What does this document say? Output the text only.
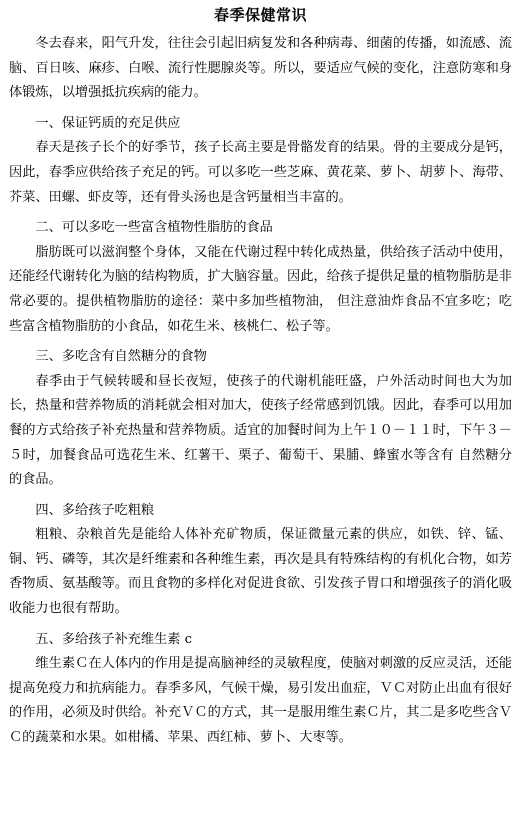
春季保健常识

冬去春来，阳气升发，往往会引起旧病复发和各种病毒、细菌的传播，如流感、流脑、百日咳、麻疹、白喉、流行性腮腺炎等。所以，要适应气候的变化，注意防寒和身体锻炼，以增强抵抗疾病的能力。

一、保证钙质的充足供应

春天是孩子长个的好季节，孩子长高主要是骨骼发育的结果。骨的主要成分是钙，因此，春季应供给孩子充足的钙。可以多吃一些芝麻、黄花菜、萝卜、胡萝卜、海带、芥菜、田螺、虾皮等，还有骨头汤也是含钙量相当丰富的。

二、可以多吃一些富含植物性脂肪的食品

脂肪既可以滋润整个身体，又能在代谢过程中转化成热量，供给孩子活动中使用，还能经代谢转化为脑的结构物质，扩大脑容量。因此，给孩子提供足量的植物脂肪是非常必要的。提供植物脂肪的途径：菜中多加些植物油， 但注意油炸食品不宜多吃；吃些富含植物脂肪的小食品，如花生米、核桃仁、松子等。

三、多吃含有自然糖分的食物

春季由于气候转暖和昼长夜短，使孩子的代谢机能旺盛，户外活动时间也大为加长，热量和营养物质的消耗就会相对加大，使孩子经常感到饥饿。因此，春季可以用加餐的方式给孩子补充热量和营养物质。适宜的加餐时间为上午１０－１１时，下午３－５时，加餐食品可选花生米、红薯干、栗子、葡萄干、果脯、蜂蜜水等含有 自然糖分的食品。

四、多给孩子吃粗粮

粗粮、杂粮首先是能给人体补充矿物质，保证微量元素的供应，如铁、锌、锰、铜、钙、磷等，其次是纤维素和各种维生素，再次是具有特殊结构的有机化合物，如芳香物质、氨基酸等。而且食物的多样化对促进食欲、引发孩子胃口和增强孩子的消化吸收能力也很有帮助。

五、多给孩子补充维生素 c

维生素Ｃ在人体内的作用是提高脑神经的灵敏程度，使脑对刺激的反应灵活，还能提高免疫力和抗病能力。春季多风，气候干燥，易引发出血症，ＶＣ对防止出血有很好的作用，必须及时供给。补充ＶＣ的方式，其一是服用维生素Ｃ片，其二是多吃些含ＶＣ的蔬菜和水果。如柑橘、苹果、西红柿、萝卜、大枣等。
